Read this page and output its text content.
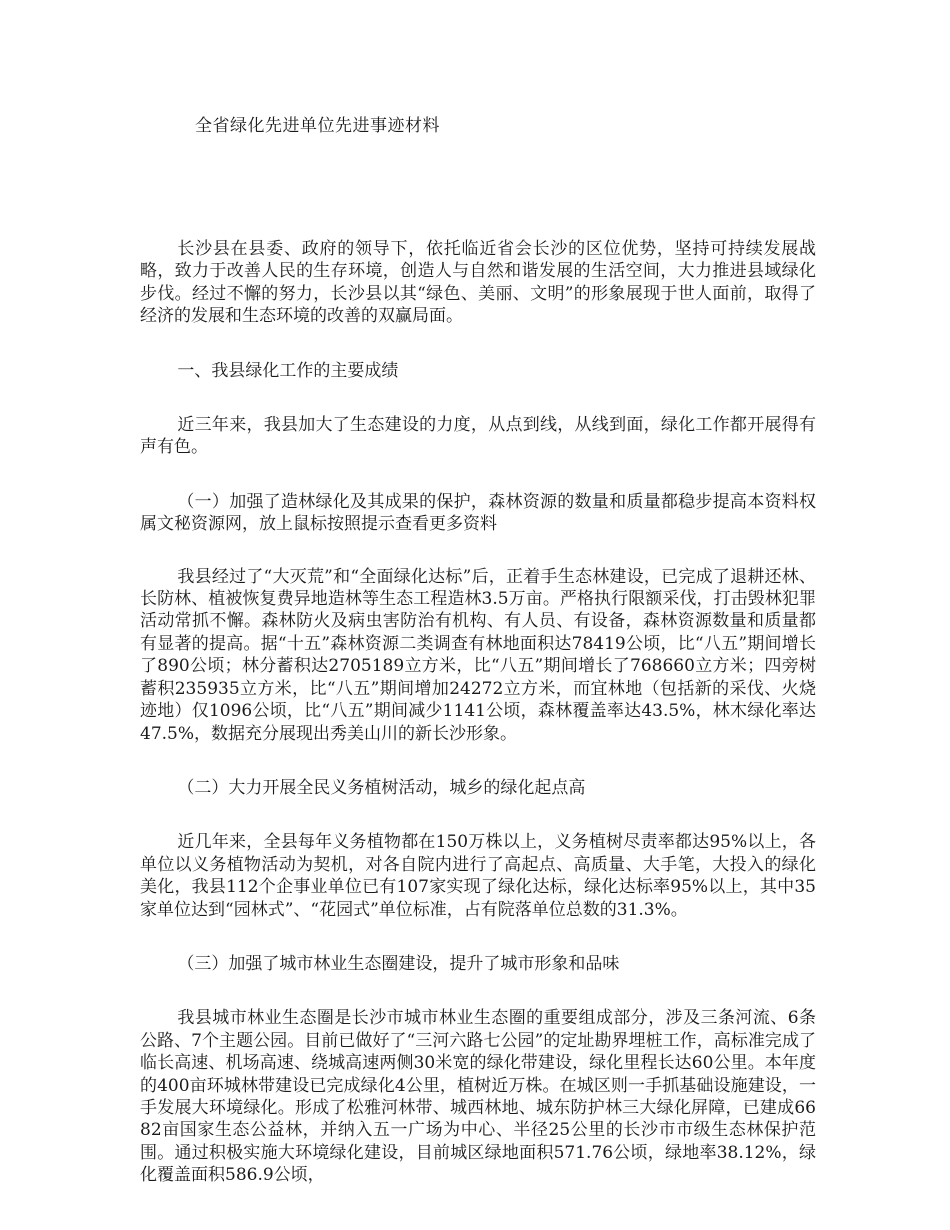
全省绿化先进单位先进事迹材料

长沙县在县委、政府的领导下，依托临近省会长沙的区位优势，坚持可持续发展战略，致力于改善人民的生存环境，创造人与自然和谐发展的生活空间，大力推进县域绿化步伐。经过不懈的努力，长沙县以其“绿色、美丽、文明”的形象展现于世人面前，取得了经济的发展和生态环境的改善的双赢局面。

一、我县绿化工作的主要成绩

近三年来，我县加大了生态建设的力度，从点到线，从线到面，绿化工作都开展得有声有色。

（一）加强了造林绿化及其成果的保护，森林资源的数量和质量都稳步提高本资料权属文秘资源网，放上鼠标按照提示查看更多资料

我县经过了“大灭荒”和“全面绿化达标”后，正着手生态林建设，已完成了退耕还林、长防林、植被恢复费异地造林等生态工程造林3.5万亩。严格执行限额采伐，打击毁林犯罪活动常抓不懈。森林防火及病虫害防治有机构、有人员、有设备，森林资源数量和质量都有显著的提高。据“十五”森林资源二类调查有林地面积达78419公顷，比“八五”期间增长了890公顷；林分蓄积达2705189立方米，比“八五”期间增长了768660立方米；四旁树蓄积235935立方米，比“八五”期间增加24272立方米，而宜林地（包括新的采伐、火烧迹地）仅1096公顷，比“八五”期间减少1141公顷，森林覆盖率达43.5%，林木绿化率达47.5%，数据充分展现出秀美山川的新长沙形象。

（二）大力开展全民义务植树活动，城乡的绿化起点高

近几年来，全县每年义务植物都在150万株以上，义务植树尽责率都达95%以上，各单位以义务植物活动为契机，对各自院内进行了高起点、高质量、大手笔，大投入的绿化美化，我县112个企事业单位已有107家实现了绿化达标，绿化达标率95%以上，其中35家单位达到“园林式”、“花园式”单位标准，占有院落单位总数的31.3%。

（三）加强了城市林业生态圈建设，提升了城市形象和品味

我县城市林业生态圈是长沙市城市林业生态圈的重要组成部分，涉及三条河流、6条公路、7个主题公园。目前已做好了“三河六路七公园”的定址勘界埋桩工作，高标准完成了临长高速、机场高速、绕城高速两侧30米宽的绿化带建设，绿化里程长达60公里。本年度的400亩环城林带建设已完成绿化4公里，植树近万株。在城区则一手抓基础设施建设，一手发展大环境绿化。形成了松雅河林带、城西林地、城东防护林三大绿化屏障，已建成6682亩国家生态公益林，并纳入五一广场为中心、半径25公里的长沙市市级生态林保护范围。通过积极实施大环境绿化建设，目前城区绿地面积571.76公顷，绿地率38.12%，绿化覆盖面积586.9公顷，
